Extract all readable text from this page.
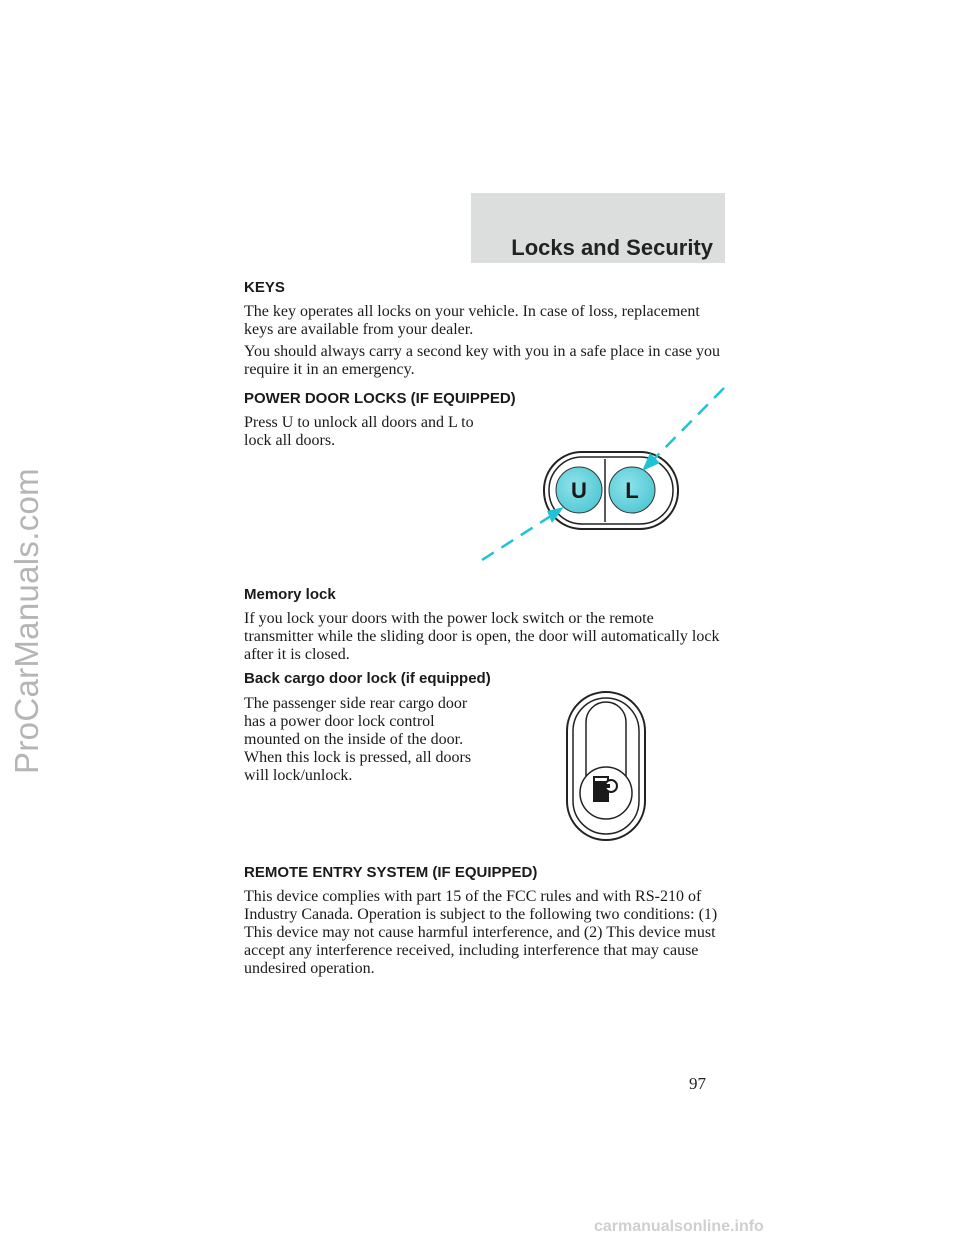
ProCarManuals.com
Locks and Security
KEYS
The key operates all locks on your vehicle. In case of loss, replacement keys are available from your dealer.
You should always carry a second key with you in a safe place in case you require it in an emergency.
POWER DOOR LOCKS (IF EQUIPPED)
Press U to unlock all doors and L to lock all doors.
U L
Memory lock
If you lock your doors with the power lock switch or the remote transmitter while the sliding door is open, the door will automatically lock after it is closed.
Back cargo door lock (if equipped)
The passenger side rear cargo door has a power door lock control mounted on the inside of the door. When this lock is pressed, all doors will lock/unlock.
REMOTE ENTRY SYSTEM (IF EQUIPPED)
This device complies with part 15 of the FCC rules and with RS-210 of Industry Canada. Operation is subject to the following two conditions: (1) This device may not cause harmful interference, and (2) This device must accept any interference received, including interference that may cause undesired operation.
97
carmanualsonline.info
